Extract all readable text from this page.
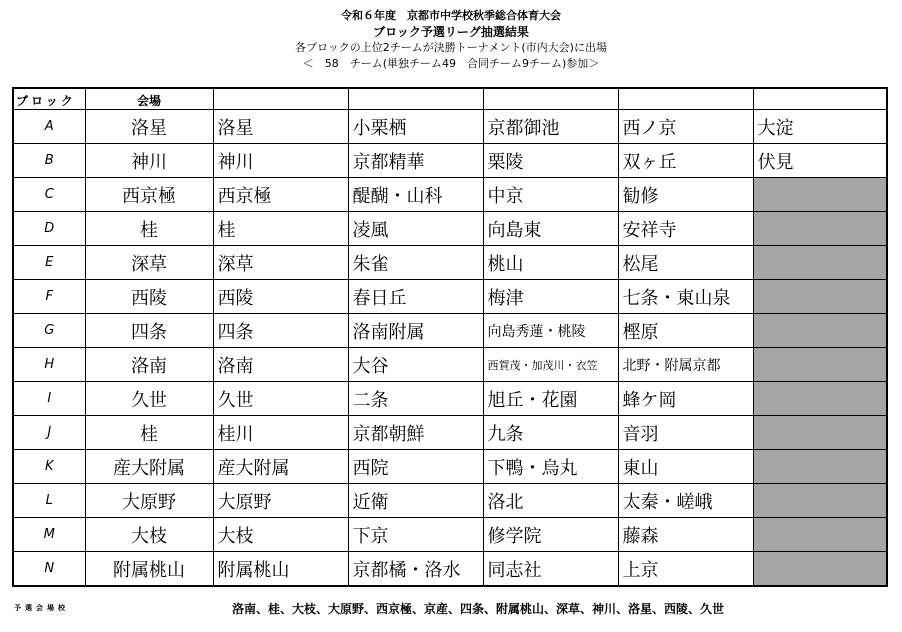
令和６年度　京都市中学校秋季総合体育大会
ブロック予選リーグ抽選結果
各ブロックの上位2チームが決勝トーナメント(市内大会)に出場
＜　58　チーム(単独チーム49　合同チーム9チーム)参加＞
ブロック	会場					
A	洛星	洛星	小栗栖	京都御池	西ノ京	大淀
B	神川	神川	京都精華	栗陵	双ヶ丘	伏見
C	西京極	西京極	醍醐・山科	中京	勧修	
D	桂	桂	凌風	向島東	安祥寺	
E	深草	深草	朱雀	桃山	松尾	
F	西陵	西陵	春日丘	梅津	七条・東山泉	
G	四条	四条	洛南附属	向島秀蓮・桃陵	樫原	
H	洛南	洛南	大谷	西賀茂・加茂川・衣笠	北野・附属京都	
I	久世	久世	二条	旭丘・花園	蜂ケ岡	
J	桂	桂川	京都朝鮮	九条	音羽	
K	産大附属	産大附属	西院	下鴨・烏丸	東山	
L	大原野	大原野	近衛	洛北	太秦・嵯峨	
M	大枝	大枝	下京	修学院	藤森	
N	附属桃山	附属桃山	京都橘・洛水	同志社	上京	
予選会場校	洛南、桂、大枝、大原野、西京極、京産、四条、附属桃山、深草、神川、洛星、西陵、久世
